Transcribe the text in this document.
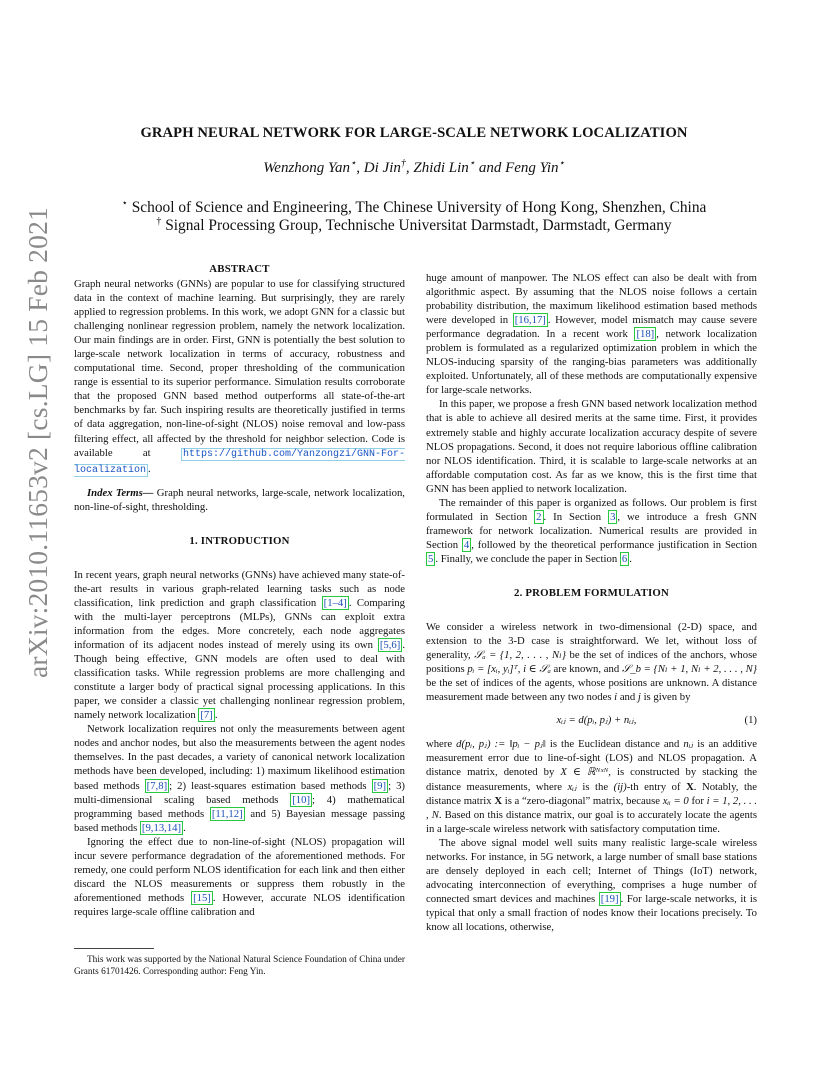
arXiv:2010.11653v2 [cs.LG] 15 Feb 2021
GRAPH NEURAL NETWORK FOR LARGE-SCALE NETWORK LOCALIZATION
Wenzhong Yan⋆, Di Jin†, Zhidi Lin⋆ and Feng Yin⋆
⋆ School of Science and Engineering, The Chinese University of Hong Kong, Shenzhen, China
† Signal Processing Group, Technische Universitat Darmstadt, Darmstadt, Germany
ABSTRACT

Graph neural networks (GNNs) are popular to use for classifying structured data in the context of machine learning. But surprisingly, they are rarely applied to regression problems. In this work, we adopt GNN for a classic but challenging nonlinear regression problem, namely the network localization. Our main findings are in order. First, GNN is potentially the best solution to large-scale network localization in terms of accuracy, robustness and computational time. Second, proper thresholding of the communication range is essential to its superior performance. Simulation results corroborate that the proposed GNN based method outperforms all state-of-the-art benchmarks by far. Such inspiring results are theoretically justified in terms of data aggregation, non-line-of-sight (NLOS) noise removal and low-pass filtering effect, all affected by the threshold for neighbor selection. Code is available at https://github.com/Yanzongzi/GNN-For-localization .

Index Terms— Graph neural networks, large-scale, network localization, non-line-of-sight, thresholding.

1. INTRODUCTION

In recent years, graph neural networks (GNNs) have achieved many state-of-the-art results in various graph-related learning tasks such as node classification, link prediction and graph classification [1–4] . Comparing with the multi-layer perceptrons (MLPs), GNNs can exploit extra information from the edges. More concretely, each node aggregates information of its adjacent nodes instead of merely using its own [5,6] . Though being effective, GNN models are often used to deal with classification tasks. While regression problems are more challenging and constitute a larger body of practical signal processing applications. In this paper, we consider a classic yet challenging nonlinear regression problem, namely network localization [7] .

Network localization requires not only the measurements between agent nodes and anchor nodes, but also the measurements between the agent nodes themselves. In the past decades, a variety of canonical network localization methods have been developed, including: 1) maximum likelihood estimation based methods [7,8] ; 2) least-squares estimation based methods [9] ; 3) multi-dimensional scaling based methods [10] ; 4) mathematical programming based methods [11,12] and 5) Bayesian message passing based methods [9,13,14] .

Ignoring the effect due to non-line-of-sight (NLOS) propagation will incur severe performance degradation of the aforementioned methods. For remedy, one could perform NLOS identification for each link and then either discard the NLOS measurements or suppress them robustly in the aforementioned methods [15] . However, accurate NLOS identification requires large-scale offline calibration and

This work was supported by the National Natural Science Foundation of China under Grants 61701426. Corresponding author: Feng Yin.

huge amount of manpower. The NLOS effect can also be dealt with from algorithmic aspect. By assuming that the NLOS noise follows a certain probability distribution, the maximum likelihood estimation based methods were developed in [16,17] . However, model mismatch may cause severe performance degradation. In a recent work [18] , network localization problem is formulated as a regularized optimization problem in which the NLOS-inducing sparsity of the ranging-bias parameters was additionally exploited. Unfortunately, all of these methods are computationally expensive for large-scale networks.

In this paper, we propose a fresh GNN based network localization method that is able to achieve all desired merits at the same time. First, it provides extremely stable and highly accurate localization accuracy despite of severe NLOS propagations. Second, it does not require laborious offline calibration nor NLOS identification. Third, it is scalable to large-scale networks at an affordable computation cost. As far as we know, this is the first time that GNN has been applied to network localization.

The remainder of this paper is organized as follows. Our problem is first formulated in Section 2 . In Section 3 , we introduce a fresh GNN framework for network localization. Numerical results are provided in Section 4 , followed by the theoretical performance justification in Section 5 . Finally, we conclude the paper in Section 6 .

2. PROBLEM FORMULATION

We consider a wireless network in two-dimensional (2-D) space, and extension to the 3-D case is straightforward. We let, without loss of generality, 𝒮ₐ = {1, 2, . . . , Nₗ} be the set of indices of the anchors, whose positions pᵢ = [xᵢ, yᵢ]ᵀ, i ∈ 𝒮ₐ are known, and 𝒮_b = {Nₗ + 1, Nₗ + 2, . . . , N} be the set of indices of the agents, whose positions are unknown. A distance measurement made between any two nodes i and j is given by

xᵢⱼ = d(pᵢ, pⱼ) + nᵢⱼ,	(1)

where d(pᵢ, pⱼ) := ‖pᵢ − pⱼ‖ is the Euclidean distance and nᵢⱼ is an additive measurement error due to line-of-sight (LOS) and NLOS propagation. A distance matrix, denoted by X ∈ ℝᴺˣᴺ, is constructed by stacking the distance measurements, where xᵢⱼ is the (ij)-th entry of X. Notably, the distance matrix X is a “zero-diagonal” matrix, because xᵢᵢ = 0 for i = 1, 2, . . . , N. Based on this distance matrix, our goal is to accurately locate the agents in a large-scale wireless network with satisfactory computation time.

The above signal model well suits many realistic large-scale wireless networks. For instance, in 5G network, a large number of small base stations are densely deployed in each cell; Internet of Things (IoT) network, advocating interconnection of everything, comprises a huge number of connected smart devices and machines [19] . For large-scale networks, it is typical that only a small fraction of nodes know their locations precisely. To know all locations, otherwise,
